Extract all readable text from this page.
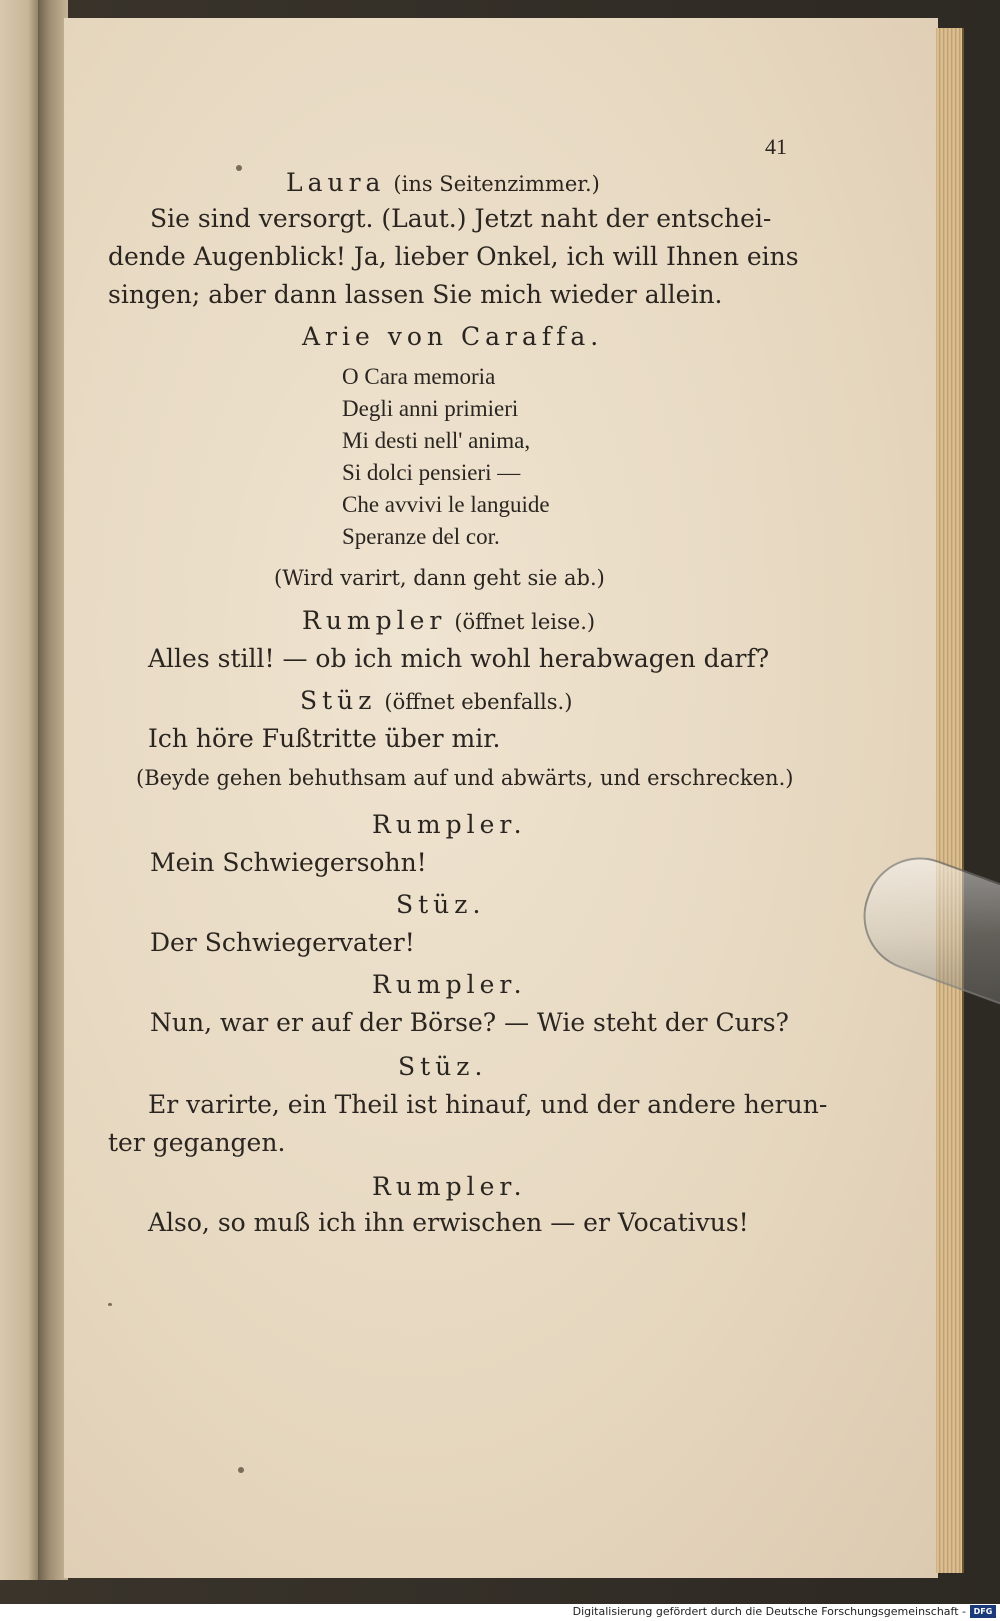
41
Laura (ins Seitenzimmer.)
Sie sind versorgt. (Laut.) Jetzt naht der entschei-
dende Augenblick! Ja, lieber Onkel, ich will Ihnen eins
singen; aber dann lassen Sie mich wieder allein.
Arie von Caraffa.
O Cara memoria
Degli anni primieri
Mi desti nell' anima,
Si dolci pensieri —
Che avvivi le languide
Speranze del cor.
(Wird varirt, dann geht sie ab.)
Rumpler (öffnet leise.)
Alles still! — ob ich mich wohl herabwagen darf?
Stüz (öffnet ebenfalls.)
Ich höre Fußtritte über mir.
(Beyde gehen behuthsam auf und abwärts, und erschrecken.)
Rumpler.
Mein Schwiegersohn!
Stüz.
Der Schwiegervater!
Rumpler.
Nun, war er auf der Börse? — Wie steht der Curs?
Stüz.
Er varirte, ein Theil ist hinauf, und der andere herun-
ter gegangen.
Rumpler.
Also, so muß ich ihn erwischen — er Vocativus!
Digitalisierung gefördert durch die Deutsche Forschungsgemeinschaft - DFG
